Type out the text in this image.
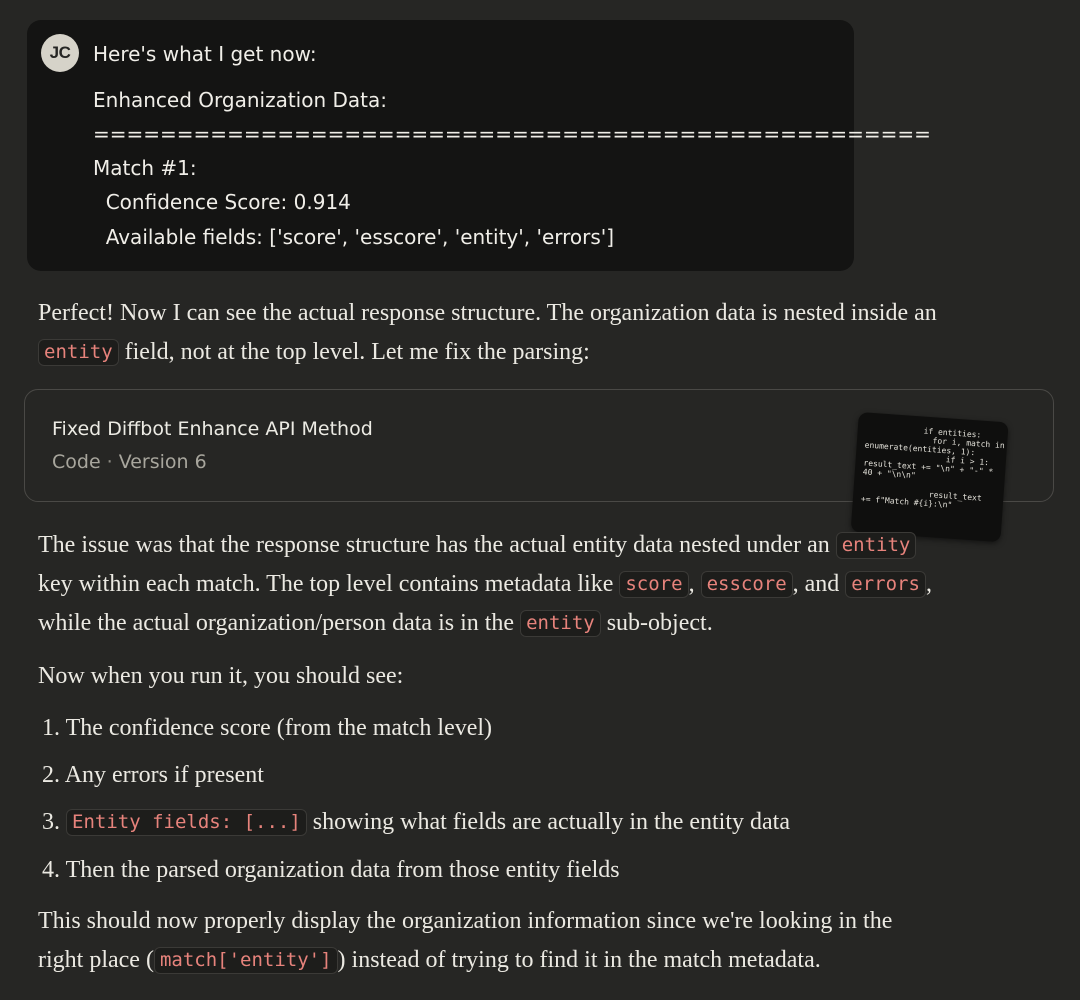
JC	Here's what I get now:
Enhanced Organization Data:
==================================================
Match #1:
Confidence Score: 0.914
Available fields: ['score', 'esscore', 'entity', 'errors']
Perfect! Now I can see the actual response structure. The organization data is nested inside an
entity field, not at the top level. Let me fix the parsing:
Fixed Diffbot Enhance API Method
Code · Version 6
if entities:
for i, match in
enumerate(entities, 1):
if i > 1:
result_text += "\n" + "-" *
40 + "\n\n"

result_text
+= f"Match #{i}:\n"
The issue was that the response structure has the actual entity data nested under an entity
key within each match. The top level contains metadata like score , esscore , and errors ,
while the actual organization/person data is in the entity sub-object.
Now when you run it, you should see:
1. The confidence score (from the match level)
2. Any errors if present
3. Entity fields: [...] showing what fields are actually in the entity data
4. Then the parsed organization data from those entity fields
This should now properly display the organization information since we're looking in the
right place ( match['entity'] ) instead of trying to find it in the match metadata.
